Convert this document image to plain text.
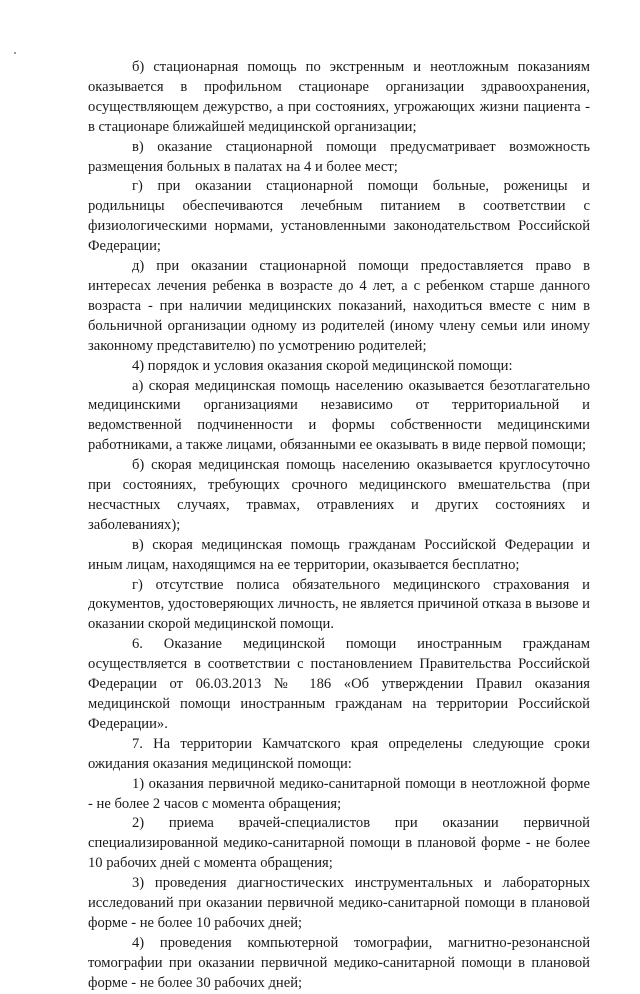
б) стационарная помощь по экстренным и неотложным показаниям оказывается в профильном стационаре организации здравоохранения, осуществляющем дежурство, а при состояниях, угрожающих жизни пациента - в стационаре ближайшей медицинской организации;

в) оказание стационарной помощи предусматривает возможность размещения больных в палатах на 4 и более мест;

г) при оказании стационарной помощи больные, роженицы и родильницы обеспечиваются лечебным питанием в соответствии с физиологическими нормами, установленными законодательством Российской Федерации;

д) при оказании стационарной помощи предоставляется право в интересах лечения ребенка в возрасте до 4 лет, а с ребенком старше данного возраста - при наличии медицинских показаний, находиться вместе с ним в больничной организации одному из родителей (иному члену семьи или иному законному представителю) по усмотрению родителей;

4) порядок и условия оказания скорой медицинской помощи:

а) скорая медицинская помощь населению оказывается безотлагательно медицинскими организациями независимо от территориальной и ведомственной подчиненности и формы собственности медицинскими работниками, а также лицами, обязанными ее оказывать в виде первой помощи;

б) скорая медицинская помощь населению оказывается круглосуточно при состояниях, требующих срочного медицинского вмешательства (при несчастных случаях, травмах, отравлениях и других состояниях и заболеваниях);

в) скорая медицинская помощь гражданам Российской Федерации и иным лицам, находящимся на ее территории, оказывается бесплатно;

г) отсутствие полиса обязательного медицинского страхования и документов, удостоверяющих личность, не является причиной отказа в вызове и оказании скорой медицинской помощи.

6. Оказание медицинской помощи иностранным гражданам осуществляется в соответствии с постановлением Правительства Российской Федерации от 06.03.2013 № 186 «Об утверждении Правил оказания медицинской помощи иностранным гражданам на территории Российской Федерации».

7. На территории Камчатского края определены следующие сроки ожидания оказания медицинской помощи:

1) оказания первичной медико-санитарной помощи в неотложной форме - не более 2 часов с момента обращения;

2) приема врачей-специалистов при оказании первичной специализированной медико-санитарной помощи в плановой форме - не более 10 рабочих дней с момента обращения;

3) проведения диагностических инструментальных и лабораторных исследований при оказании первичной медико-санитарной помощи в плановой форме - не более 10 рабочих дней;

4) проведения компьютерной томографии, магнитно-резонансной томографии при оказании первичной медико-санитарной помощи в плановой форме - не более 30 рабочих дней;
